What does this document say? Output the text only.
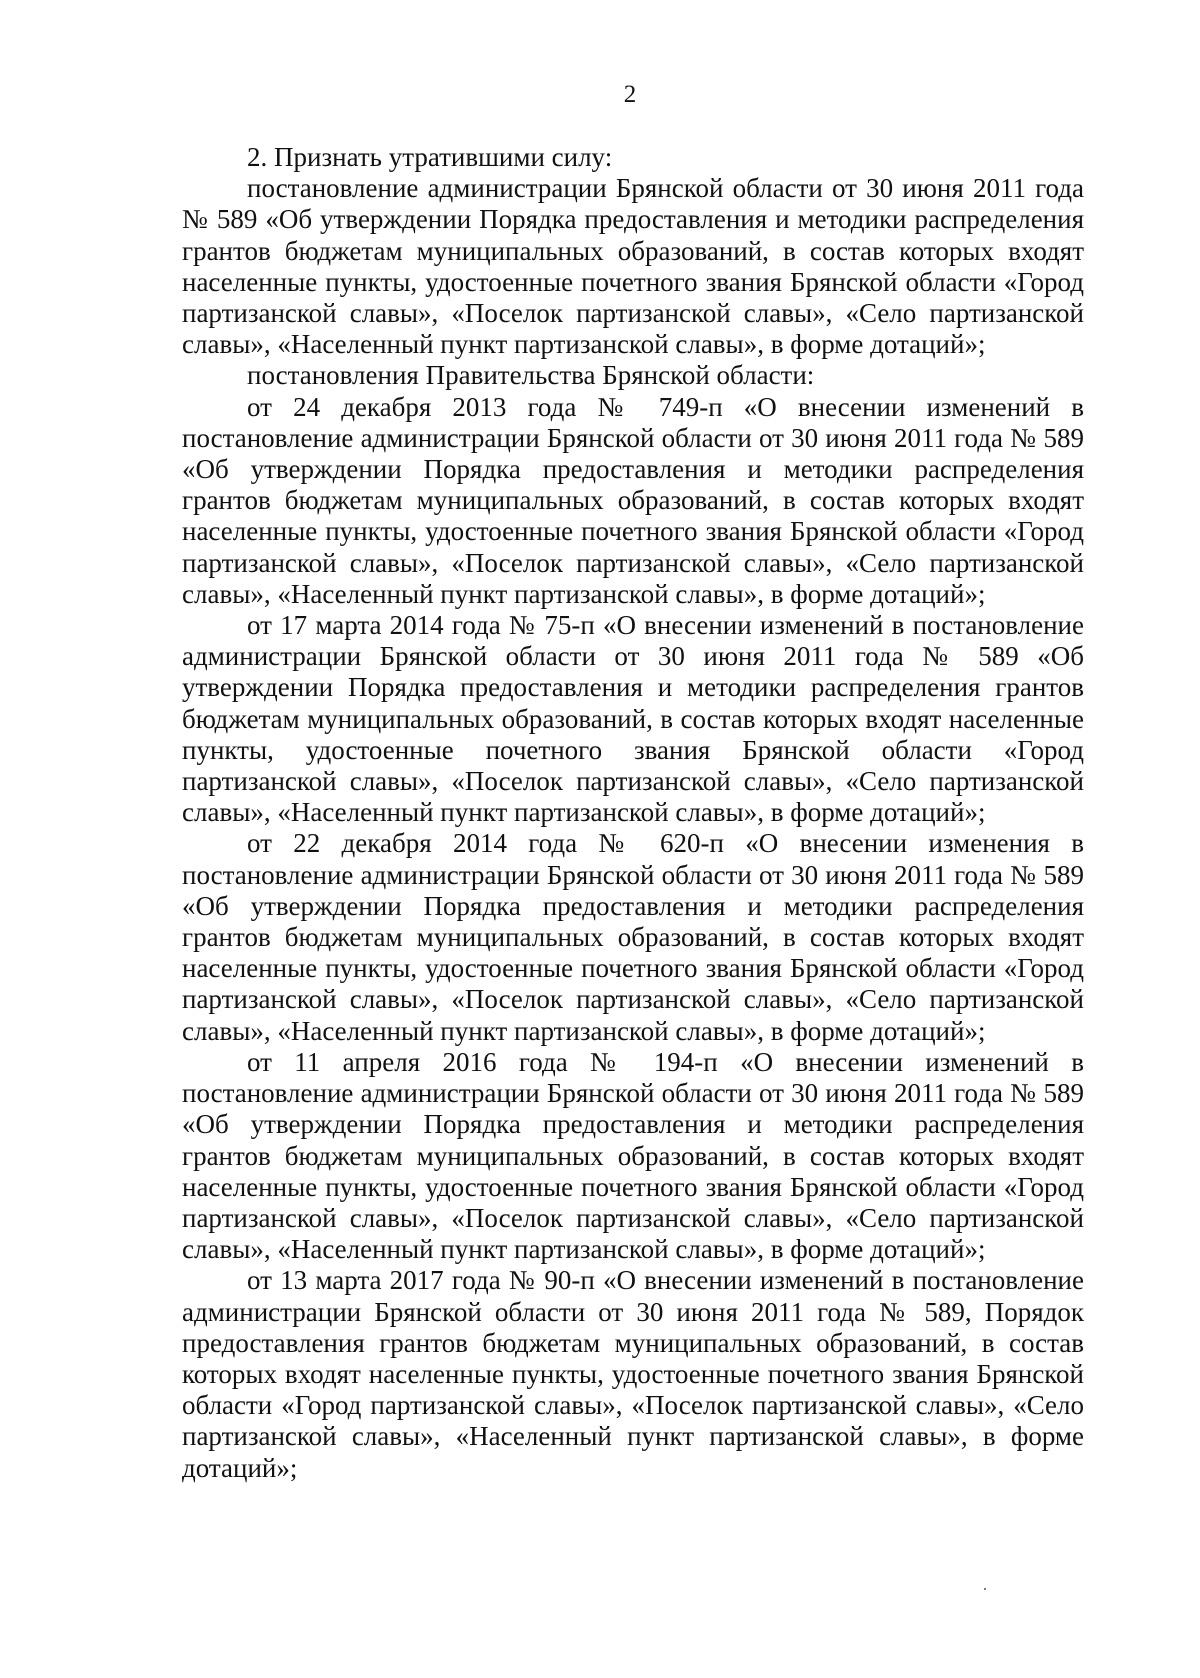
2

2. Признать утратившими силу:

постановление администрации Брянской области от 30 июня 2011 года № 589 «Об утверждении Порядка предоставления и методики распределения грантов бюджетам муниципальных образований, в состав которых входят населенные пункты, удостоенные почетного звания Брянской области «Город партизанской славы», «Поселок партизанской славы», «Село партизанской славы», «Населенный пункт партизанской славы», в форме дотаций»;

постановления Правительства Брянской области:

от 24 декабря 2013 года № 749-п «О внесении изменений в постановление администрации Брянской области от 30 июня 2011 года № 589 «Об утверждении Порядка предоставления и методики распределения грантов бюджетам муниципальных образований, в состав которых входят населенные пункты, удостоенные почетного звания Брянской области «Город партизанской славы», «Поселок партизанской славы», «Село партизанской славы», «Населенный пункт партизанской славы», в форме дотаций»;

от 17 марта 2014 года № 75-п «О внесении изменений в постановление администрации Брянской области от 30 июня 2011 года № 589 «Об утверждении Порядка предоставления и методики распределения грантов бюджетам муниципальных образований, в состав которых входят населенные пункты, удостоенные почетного звания Брянской области «Город партизанской славы», «Поселок партизанской славы», «Село партизанской славы», «Населенный пункт партизанской славы», в форме дотаций»;

от 22 декабря 2014 года № 620-п «О внесении изменения в постановление администрации Брянской области от 30 июня 2011 года № 589 «Об утверждении Порядка предоставления и методики распределения грантов бюджетам муниципальных образований, в состав которых входят населенные пункты, удостоенные почетного звания Брянской области «Город партизанской славы», «Поселок партизанской славы», «Село партизанской славы», «Населенный пункт партизанской славы», в форме дотаций»;

от 11 апреля 2016 года № 194-п «О внесении изменений в постановление администрации Брянской области от 30 июня 2011 года № 589 «Об утверждении Порядка предоставления и методики распределения грантов бюджетам муниципальных образований, в состав которых входят населенные пункты, удостоенные почетного звания Брянской области «Город партизанской славы», «Поселок партизанской славы», «Село партизанской славы», «Населенный пункт партизанской славы», в форме дотаций»;

от 13 марта 2017 года № 90-п «О внесении изменений в постановление администрации Брянской области от 30 июня 2011 года № 589, Порядок предоставления грантов бюджетам муниципальных образований, в состав которых входят населенные пункты, удостоенные почетного звания Брянской области «Город партизанской славы», «Поселок партизанской славы», «Село партизанской славы», «Населенный пункт партизанской славы», в форме дотаций»;
